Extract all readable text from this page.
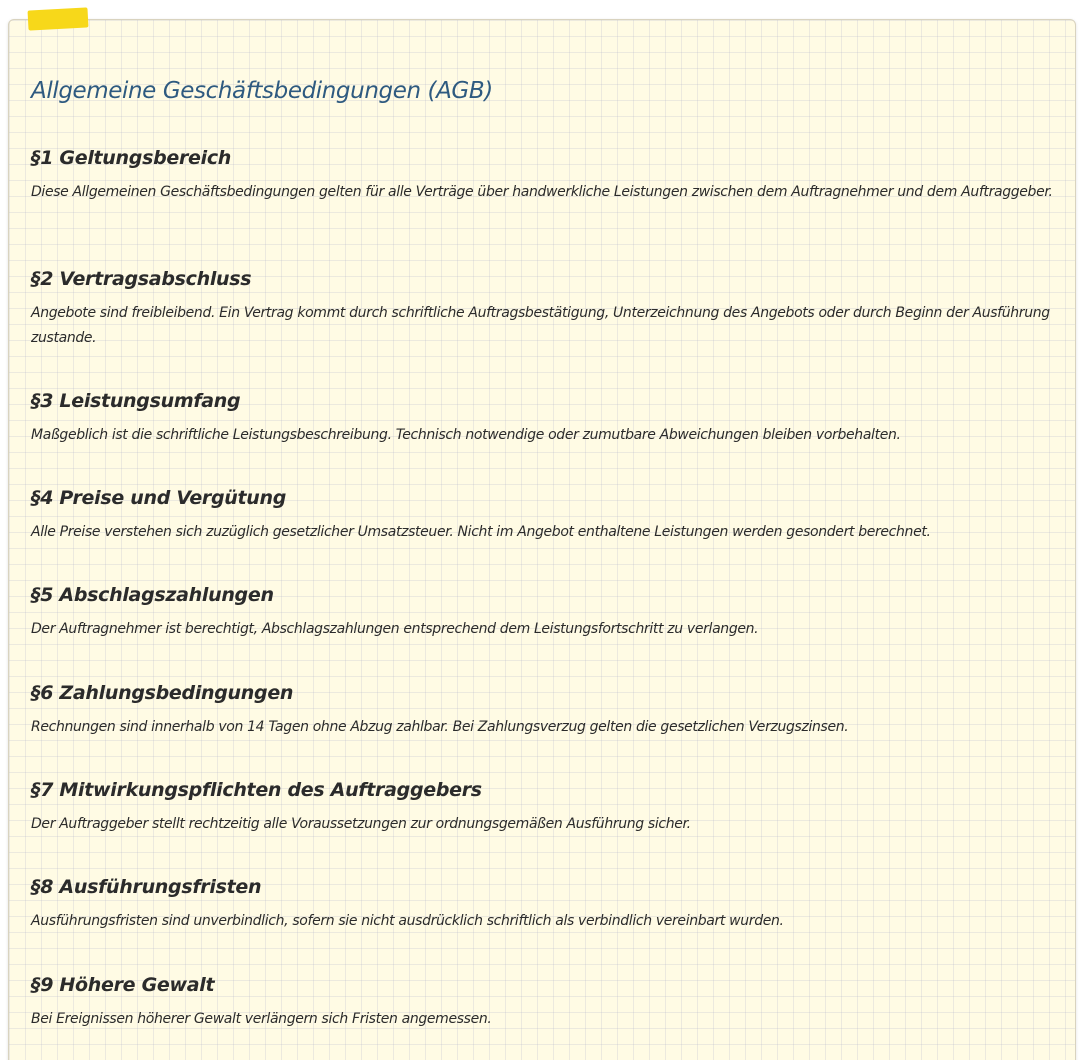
Allgemeine Geschäftsbedingungen (AGB)
§1 Geltungsbereich

Diese Allgemeinen Geschäftsbedingungen gelten für alle Verträge über handwerkliche Leistungen zwischen dem Auftragnehmer und dem Auftraggeber.

§2 Vertragsabschluss

Angebote sind freibleibend. Ein Vertrag kommt durch schriftliche Auftragsbestätigung, Unterzeichnung des Angebots oder durch Beginn der Ausführung zustande.

§3 Leistungsumfang

Maßgeblich ist die schriftliche Leistungsbeschreibung. Technisch notwendige oder zumutbare Abweichungen bleiben vorbehalten.

§4 Preise und Vergütung

Alle Preise verstehen sich zuzüglich gesetzlicher Umsatzsteuer. Nicht im Angebot enthaltene Leistungen werden gesondert berechnet.

§5 Abschlagszahlungen

Der Auftragnehmer ist berechtigt, Abschlagszahlungen entsprechend dem Leistungsfortschritt zu verlangen.

§6 Zahlungsbedingungen

Rechnungen sind innerhalb von 14 Tagen ohne Abzug zahlbar. Bei Zahlungsverzug gelten die gesetzlichen Verzugszinsen.

§7 Mitwirkungspflichten des Auftraggebers

Der Auftraggeber stellt rechtzeitig alle Voraussetzungen zur ordnungsgemäßen Ausführung sicher.

§8 Ausführungsfristen

Ausführungsfristen sind unverbindlich, sofern sie nicht ausdrücklich schriftlich als verbindlich vereinbart wurden.

§9 Höhere Gewalt

Bei Ereignissen höherer Gewalt verlängern sich Fristen angemessen.
